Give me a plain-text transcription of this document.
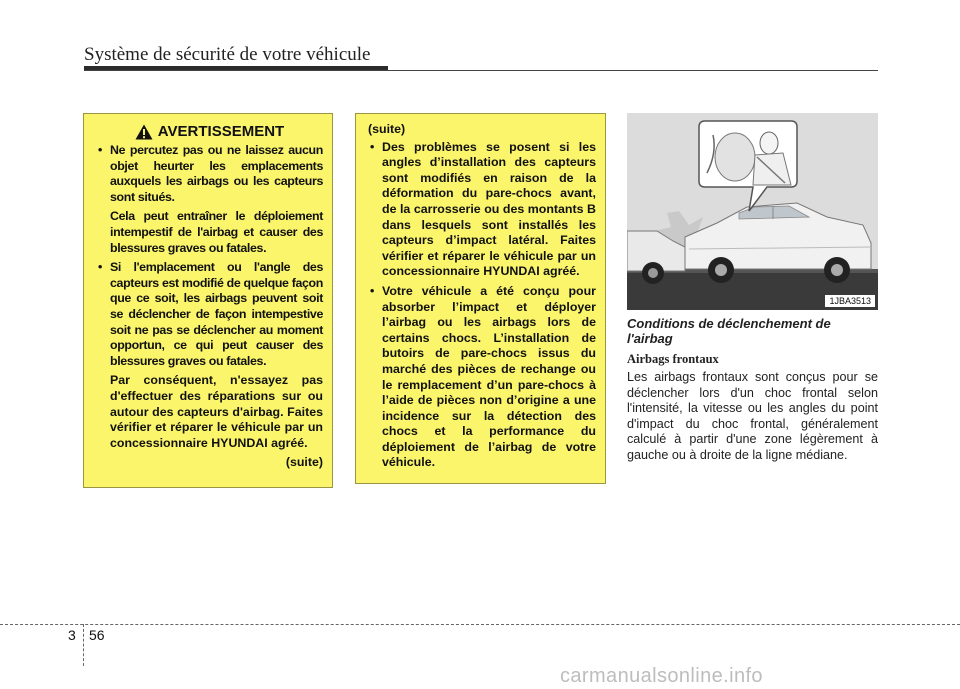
Système de sécurité de votre véhicule
AVERTISSEMENT
• Ne percutez pas ou ne laissez aucun objet heurter les emplacements auxquels les airbags ou les capteurs sont situés.
Cela peut entraîner le déploiement intempestif de l'airbag et causer des blessures graves ou fatales.
• Si l'emplacement ou l'angle des capteurs est modifié de quelque façon que ce soit, les airbags peuvent soit se déclencher de façon intempestive soit ne pas se déclencher au moment opportun, ce qui peut causer des blessures graves ou fatales.
Par conséquent, n'essayez pas d'effectuer des réparations sur ou autour des capteurs d'airbag. Faites vérifier et réparer le véhicule par un concessionnaire HYUNDAI agréé.
(suite)
(suite)
• Des problèmes se posent si les angles d’installation des capteurs sont modifiés en raison de la déformation du pare-chocs avant, de la carrosserie ou des montants B dans lesquels sont installés les capteurs d’impact latéral. Faites vérifier et réparer le véhicule par un concessionnaire HYUNDAI agréé.
• Votre véhicule a été conçu pour absorber l’impact et déployer l’airbag ou les airbags lors de certains chocs. L’installation de butoirs de pare-chocs issus du marché des pièces de rechange ou le remplacement d’un pare-chocs à l’aide de pièces non d’origine a une incidence sur la détection des chocs et la performance du déploiement de l’airbag de votre véhicule.
1JBA3513
Conditions de déclenchement de l'airbag
Airbags frontaux
Les airbags frontaux sont conçus pour se déclencher lors d'un choc frontal selon l'intensité, la vitesse ou les angles du point d'impact du choc frontal, généralement calculé à partir d'une zone légèrement à gauche ou à droite de la ligne médiane.
3 56
carmanualsonline.info
